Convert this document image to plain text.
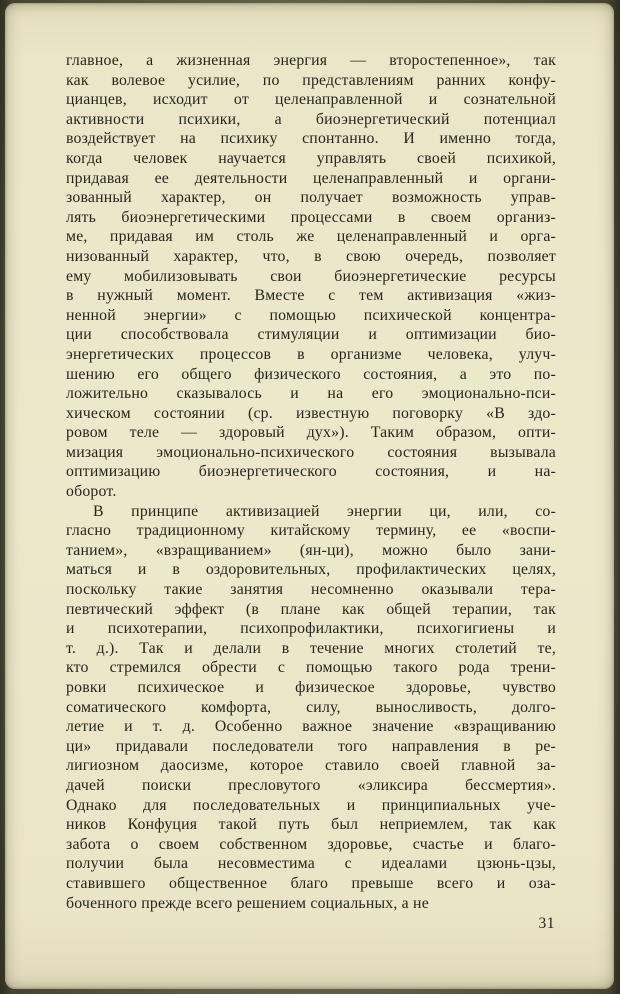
главное, а жизненная энергия — второстепенное», так
как волевое усилие, по представлениям ранних конфу-
цианцев, исходит от целенаправленной и сознательной
активности психики, а биоэнергетический потенциал
воздействует на психику спонтанно. И именно тогда,
когда человек научается управлять своей психикой,
придавая ее деятельности целенаправленный и органи-
зованный характер, он получает возможность управ-
лять биоэнергетическими процессами в своем организ-
ме, придавая им столь же целенаправленный и орга-
низованный характер, что, в свою очередь, позволяет
ему мобилизовывать свои биоэнергетические ресурсы
в нужный момент. Вместе с тем активизация «жиз-
ненной энергии» с помощью психической концентра-
ции способствовала стимуляции и оптимизации био-
энергетических процессов в организме человека, улуч-
шению его общего физического состояния, а это по-
ложительно сказывалось и на его эмоционально-пси-
хическом состоянии (ср. известную поговорку «В здо-
ровом теле — здоровый дух»). Таким образом, опти-
мизация эмоционально-психического состояния вызывала
оптимизацию биоэнергетического состояния, и на-
оборот.
В принципе активизацией энергии ци, или, со-
гласно традиционному китайскому термину, ее «воспи-
танием», «взращиванием» (ян-ци), можно было зани-
маться и в оздоровительных, профилактических целях,
поскольку такие занятия несомненно оказывали тера-
певтический эффект (в плане как общей терапии, так
и психотерапии, психопрофилактики, психогигиены и
т. д.). Так и делали в течение многих столетий те,
кто стремился обрести с помощью такого рода трени-
ровки психическое и физическое здоровье, чувство
соматического комфорта, силу, выносливость, долго-
летие и т. д. Особенно важное значение «взращиванию
ци» придавали последователи того направления в ре-
лигиозном даосизме, которое ставило своей главной за-
дачей поиски пресловутого «эликсира бессмертия».
Однако для последовательных и принципиальных уче-
ников Конфуция такой путь был неприемлем, так как
забота о своем собственном здоровье, счастье и благо-
получии была несовместима с идеалами цзюнь-цзы,
ставившего общественное благо превыше всего и оза-
боченного прежде всего решением социальных, а не
31
